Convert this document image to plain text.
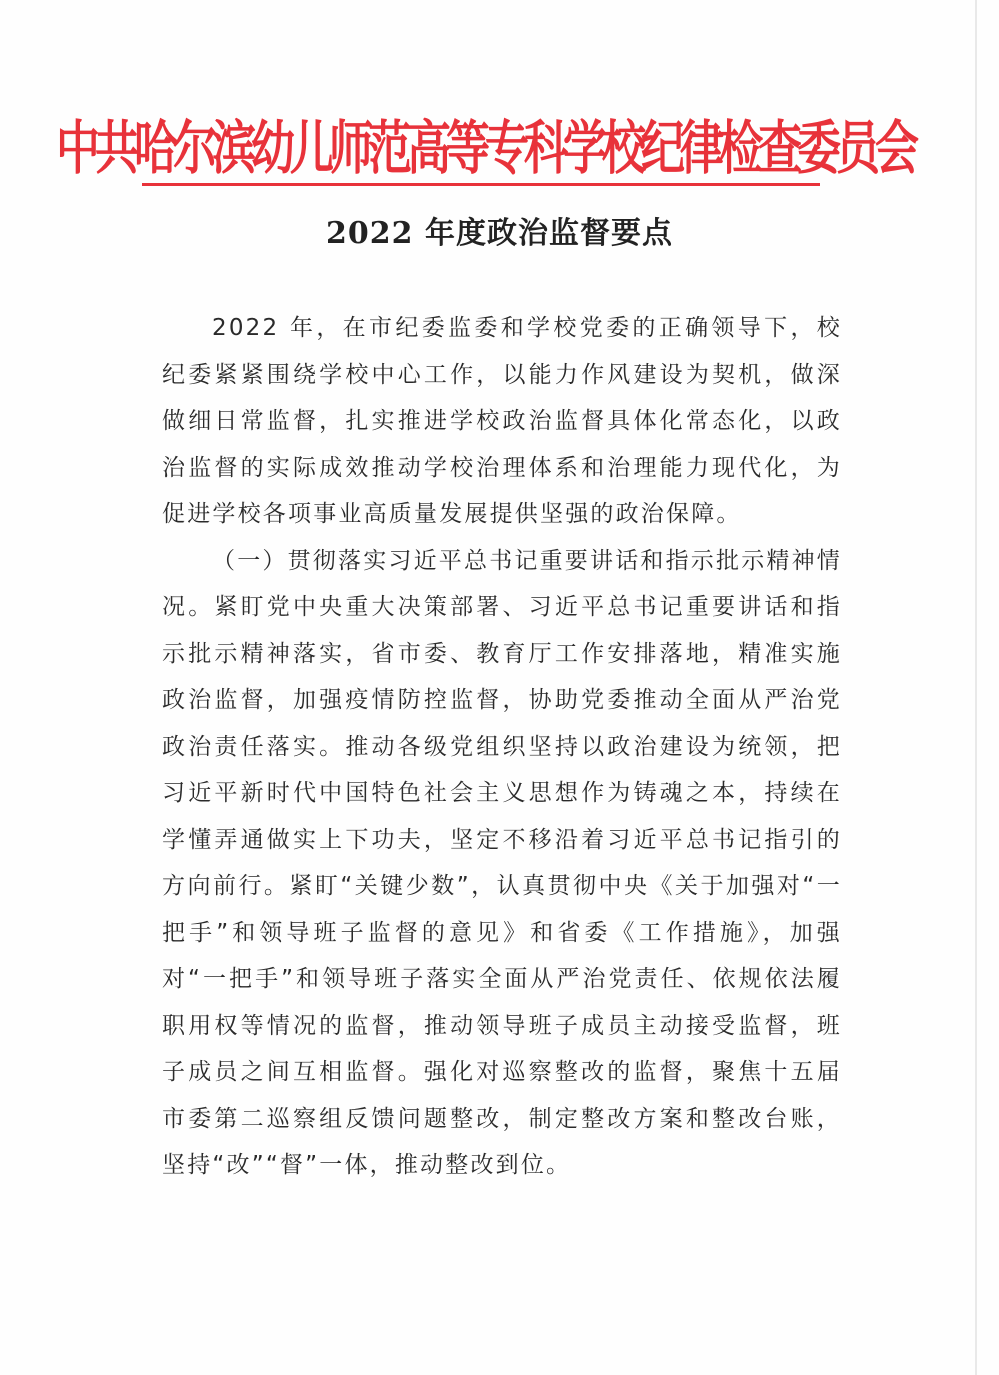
中共哈尔滨幼儿师范高等专科学校纪律检查委员会
2022 年度政治监督要点

2022 年，在市纪委监委和学校党委的正确领导下，校纪委紧紧围绕学校中心工作，以能力作风建设为契机，做深做细日常监督，扎实推进学校政治监督具体化常态化，以政治监督的实际成效推动学校治理体系和治理能力现代化，为促进学校各项事业高质量发展提供坚强的政治保障。

（一）贯彻落实习近平总书记重要讲话和指示批示精神情况。紧盯党中央重大决策部署、习近平总书记重要讲话和指示批示精神落实，省市委、教育厅工作安排落地，精准实施政治监督，加强疫情防控监督，协助党委推动全面从严治党政治责任落实。推动各级党组织坚持以政治建设为统领，把习近平新时代中国特色社会主义思想作为铸魂之本，持续在学懂弄通做实上下功夫，坚定不移沿着习近平总书记指引的方向前行。紧盯“关键少数”，认真贯彻中央《关于加强对“一把手”和领导班子监督的意见》和省委《工作措施》，加强对“一把手”和领导班子落实全面从严治党责任、依规依法履职用权等情况的监督，推动领导班子成员主动接受监督，班子成员之间互相监督。强化对巡察整改的监督，聚焦十五届市委第二巡察组反馈问题整改，制定整改方案和整改台账，坚持“改”“督”一体，推动整改到位。
